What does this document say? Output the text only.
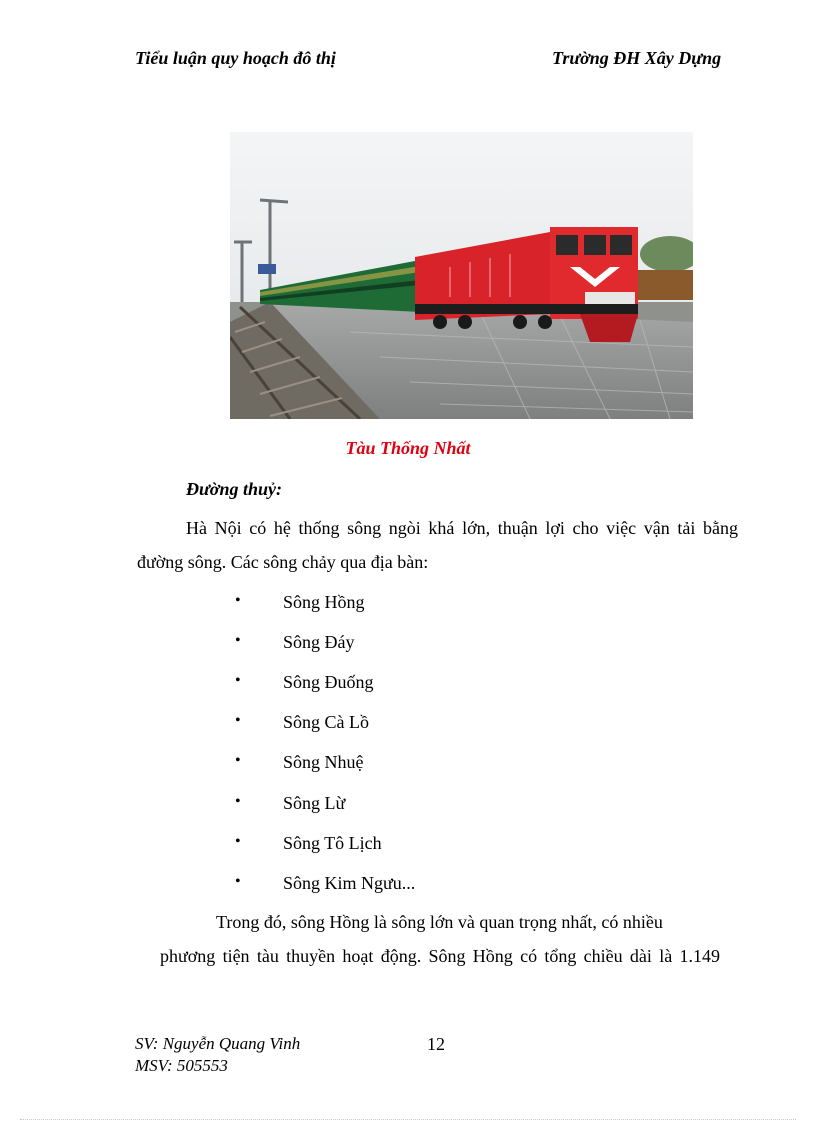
Tiểu luận quy hoạch đô thị	Trường ĐH Xây Dựng
Tàu Thống Nhất
Đường thuỷ:
Hà Nội có hệ thống sông ngòi khá lớn, thuận lợi cho việc vận tải bằng
đường sông. Các sông chảy qua địa bàn:
• Sông Hồng
• Sông Đáy
• Sông Đuống
• Sông Cà Lồ
• Sông Nhuệ
• Sông Lừ
• Sông Tô Lịch
• Sông Kim Ngưu...
Trong đó, sông Hồng là sông lớn và quan trọng nhất, có nhiều
phương tiện tàu thuyền hoạt động. Sông Hồng có tổng chiều dài là 1.149
SV: Nguyễn Quang Vinh
MSV: 505553
12
